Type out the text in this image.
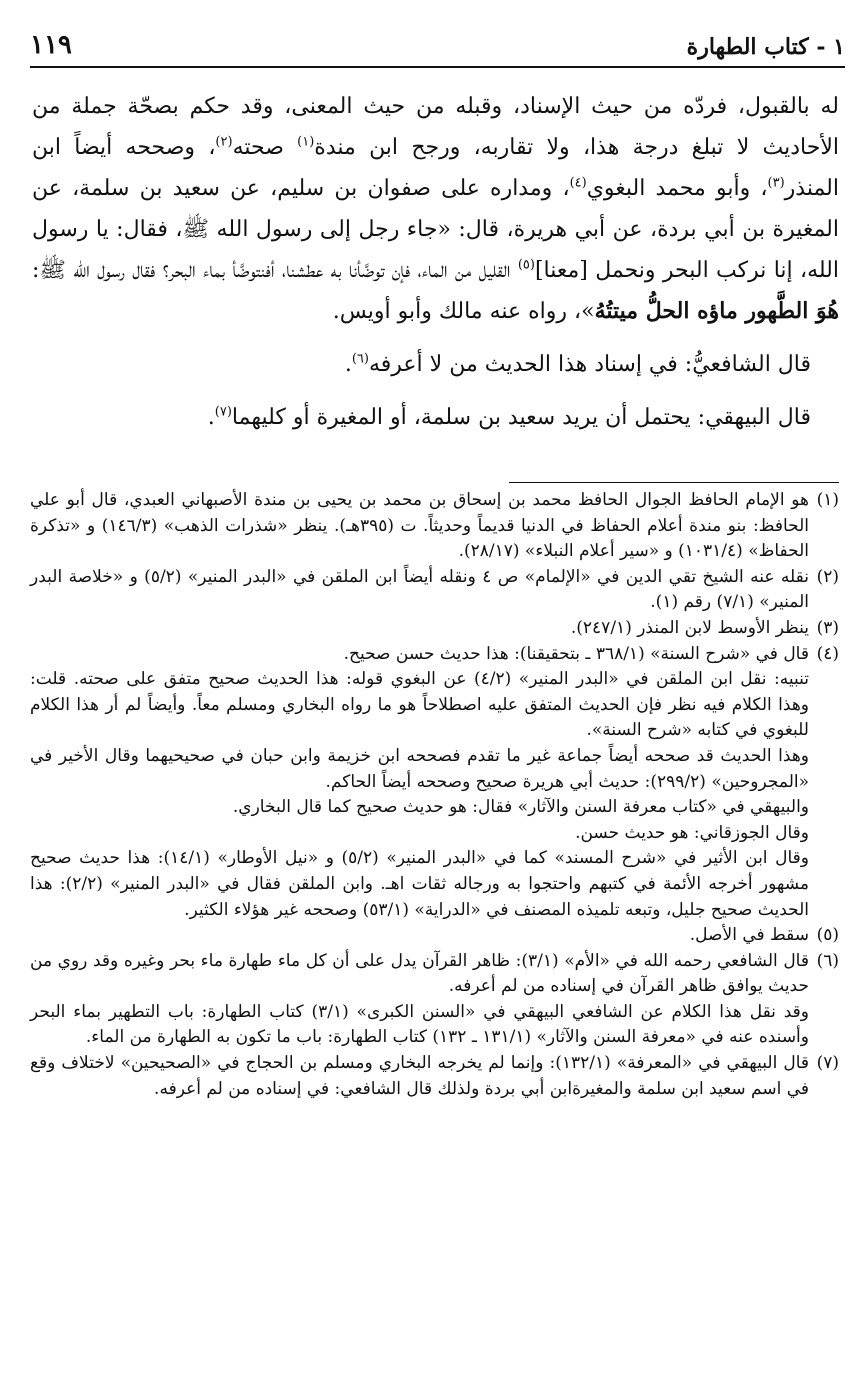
١ - كتاب الطهارة
١١٩

له بالقبول، فردّه من حيث الإسناد، وقبله من حيث المعنى، وقد حكم بصحّة جملة من الأحاديث لا تبلغ درجة هذا، ولا تقاربه، ورجح ابن مندة$^{(١)}$ صحته$^{(٢)}$، وصححه أيضاً ابن المنذر$^{(٣)}$، وأبو محمد البغوي$^{(٤)}$، ومداره على صفوان بن سليم، عن سعيد بن سلمة، عن المغيرة بن أبي بردة، عن أبي هريرة، قال: «جاء رجل إلى رسول الله ﷺ، فقال: يا رسول الله، إنا نركب البحر ونحمل [معنا]$^{(٥)}$ القليل من الماء، فإن توضَّأنا به عطشنا، أفنتوضَّأ بماء البحر؟ فقال رسول الله ﷺ: هُوَ الطَّهور ماؤه الحلُّ ميتتُهُ»، رواه عنه مالك وأبو أويس.

قال الشافعيُّ: في إسناد هذا الحديث من لا أعرفه$^{(٦)}$.

قال البيهقي: يحتمل أن يريد سعيد بن سلمة، أو المغيرة أو كليهما$^{(٧)}$.

(١)
هو الإمام الحافظ الجوال الحافظ محمد بن إسحاق بن محمد بن يحيى بن مندة الأصبهاني العبدي، قال أبو علي الحافظ: بنو مندة أعلام الحفاظ في الدنيا قديماً وحديثاً. ت (٣٩٥هـ). ينظر «شذرات الذهب» (١٤٦/٣) و «تذكرة الحفاظ» (١٠٣١/٤) و «سير أعلام النبلاء» (٢٨/١٧).
(٢)
نقله عنه الشيخ تقي الدين في «الإلمام» ص ٤ ونقله أيضاً ابن الملقن في «البدر المنير» (٥/٢) و «خلاصة البدر المنير» (٧/١) رقم (١).
(٣)
ينظر الأوسط لابن المنذر (٢٤٧/١).
(٤)
قال في «شرح السنة» (٣٦٨/١ ـ بتحقيقنا): هذا حديث حسن صحيح.
تنبيه: نقل ابن الملقن في «البدر المنير» (٤/٢) عن البغوي قوله: هذا الحديث صحيح متفق على صحته. قلت: وهذا الكلام فيه نظر فإن الحديث المتفق عليه اصطلاحاً هو ما رواه البخاري ومسلم معاً. وأيضاً لم أر هذا الكلام للبغوي في كتابه «شرح السنة».
وهذا الحديث قد صححه أيضاً جماعة غير ما تقدم فصححه ابن خزيمة وابن حبان في صحيحيهما وقال الأخير في «المجروحين» (٢٩٩/٢): حديث أبي هريرة صحيح وصححه أيضاً الحاكم.
والبيهقي في «كتاب معرفة السنن والآثار» فقال: هو حديث صحيح كما قال البخاري.
وقال الجوزقاني: هو حديث حسن.
وقال ابن الأثير في «شرح المسند» كما في «البدر المنير» (٥/٢) و «نيل الأوطار» (١٤/١): هذا حديث صحيح مشهور أخرجه الأئمة في كتبهم واحتجوا به ورجاله ثقات اهـ. وابن الملقن فقال في «البدر المنير» (٢/٢): هذا الحديث صحيح جليل، وتبعه تلميذه المصنف في «الدراية» (٥٣/١) وصححه غير هؤلاء الكثير.
(٥)
سقط في الأصل.
(٦)
قال الشافعي رحمه الله في «الأم» (٣/١): ظاهر القرآن يدل على أن كل ماء طهارة ماء بحر وغيره وقد روي من حديث يوافق ظاهر القرآن في إسناده من لم أعرفه.
وقد نقل هذا الكلام عن الشافعي البيهقي في «السنن الكبرى» (٣/١) كتاب الطهارة: باب التطهير بماء البحر وأسنده عنه في «معرفة السنن والآثار» (١٣١/١ ـ ١٣٢) كتاب الطهارة: باب ما تكون به الطهارة من الماء.
(٧)
قال البيهقي في «المعرفة» (١٣٢/١): وإنما لم يخرجه البخاري ومسلم بن الحجاج في «الصحيحين» لاختلاف وقع في اسم سعيد ابن سلمة والمغيرةابن أبي بردة ولذلك قال الشافعي: في إسناده من لم أعرفه.
